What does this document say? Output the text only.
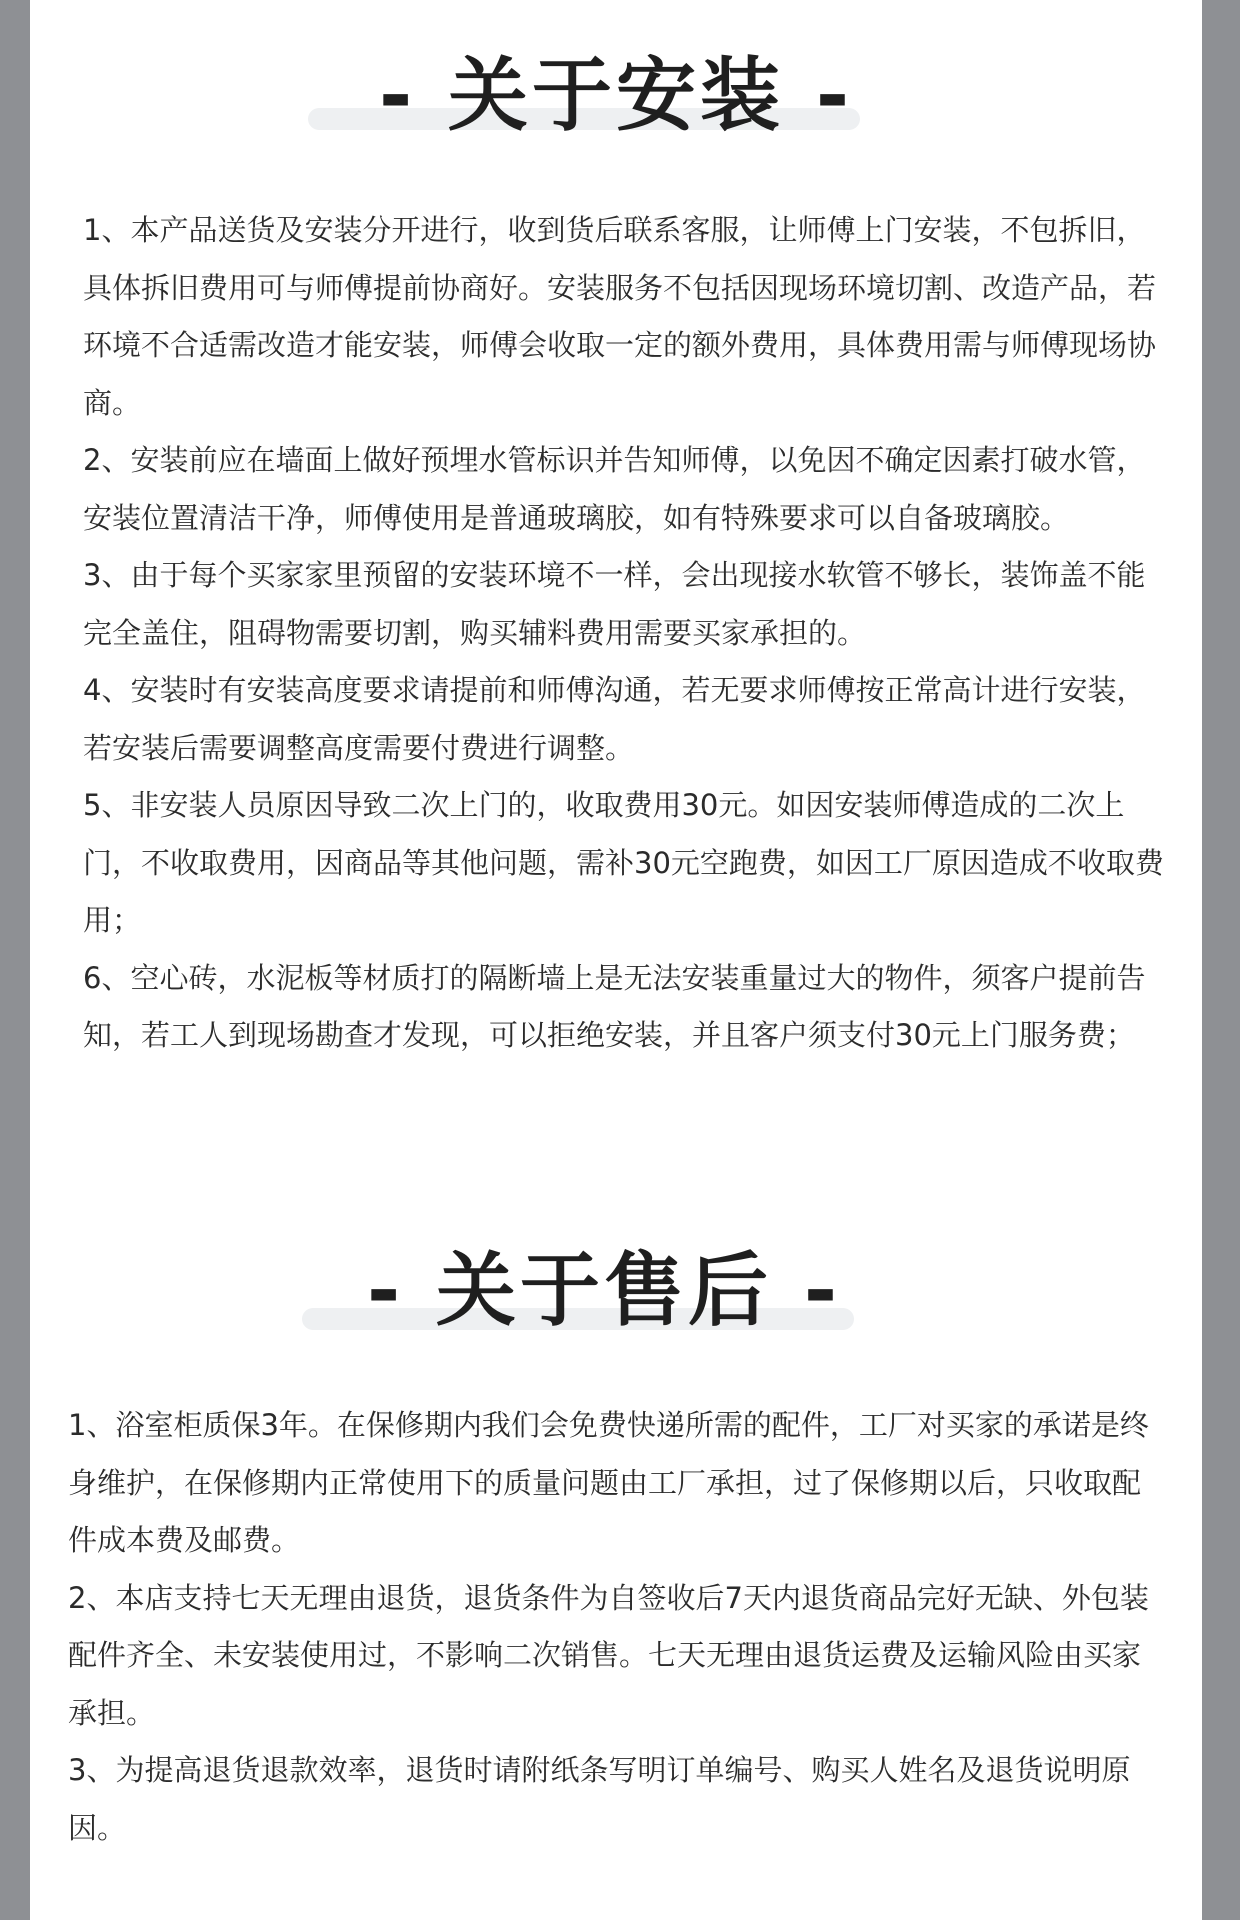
- 关于安装 -

1、本产品送货及安装分开进行，收到货后联系客服，让师傅上门安装，不包拆旧，具体拆旧费用可与师傅提前协商好。安装服务不包括因现场环境切割、改造产品，若环境不合适需改造才能安装，师傅会收取一定的额外费用，具体费用需与师傅现场协商。

2、安装前应在墙面上做好预埋水管标识并告知师傅，以免因不确定因素打破水管，安装位置清洁干净，师傅使用是普通玻璃胶，如有特殊要求可以自备玻璃胶。

3、由于每个买家家里预留的安装环境不一样，会出现接水软管不够长，装饰盖不能完全盖住，阻碍物需要切割，购买辅料费用需要买家承担的。

4、安装时有安装高度要求请提前和师傅沟通，若无要求师傅按正常高计进行安装，若安装后需要调整高度需要付费进行调整。

5、非安装人员原因导致二次上门的，收取费用30元。如因安装师傅造成的二次上门，不收取费用，因商品等其他问题，需补30元空跑费，如因工厂原因造成不收取费用；

6、空心砖，水泥板等材质打的隔断墙上是无法安装重量过大的物件，须客户提前告知，若工人到现场勘查才发现，可以拒绝安装，并且客户须支付30元上门服务费；

- 关于售后 -

1、浴室柜质保3年。在保修期内我们会免费快递所需的配件，工厂对买家的承诺是终身维护，在保修期内正常使用下的质量问题由工厂承担，过了保修期以后，只收取配件成本费及邮费。

2、本店支持七天无理由退货，退货条件为自签收后7天内退货商品完好无缺、外包装配件齐全、未安装使用过，不影响二次销售。七天无理由退货运费及运输风险由买家承担。

3、为提高退货退款效率，退货时请附纸条写明订单编号、购买人姓名及退货说明原因。
